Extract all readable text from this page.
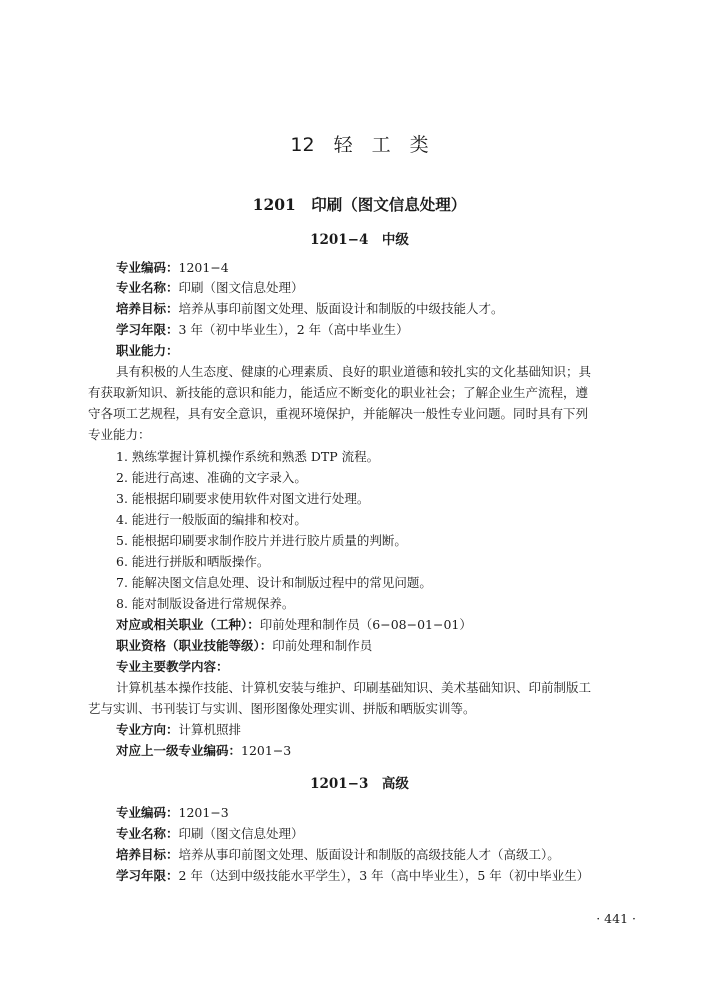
12　轻　工　类
1201　印刷（图文信息处理）
1201−4　中级
专业编码：1201−4
专业名称：印刷（图文信息处理）
培养目标：培养从事印前图文处理、版面设计和制版的中级技能人才。
学习年限：3 年（初中毕业生），2 年（高中毕业生）
职业能力：
具有积极的人生态度、健康的心理素质、良好的职业道德和较扎实的文化基础知识；具
有获取新知识、新技能的意识和能力，能适应不断变化的职业社会；了解企业生产流程，遵
守各项工艺规程，具有安全意识，重视环境保护，并能解决一般性专业问题。同时具有下列
专业能力：
1. 熟练掌握计算机操作系统和熟悉 DTP 流程。
2. 能进行高速、准确的文字录入。
3. 能根据印刷要求使用软件对图文进行处理。
4. 能进行一般版面的编排和校对。
5. 能根据印刷要求制作胶片并进行胶片质量的判断。
6. 能进行拼版和晒版操作。
7. 能解决图文信息处理、设计和制版过程中的常见问题。
8. 能对制版设备进行常规保养。
对应或相关职业（工种）：印前处理和制作员（6−08−01−01）
职业资格（职业技能等级）：印前处理和制作员
专业主要教学内容：
计算机基本操作技能、计算机安装与维护、印刷基础知识、美术基础知识、印前制版工
艺与实训、书刊装订与实训、图形图像处理实训、拼版和晒版实训等。
专业方向：计算机照排
对应上一级专业编码：1201−3
1201−3　高级
专业编码：1201−3
专业名称：印刷（图文信息处理）
培养目标：培养从事印前图文处理、版面设计和制版的高级技能人才（高级工）。
学习年限：2 年（达到中级技能水平学生），3 年（高中毕业生），5 年（初中毕业生）
· 441 ·
